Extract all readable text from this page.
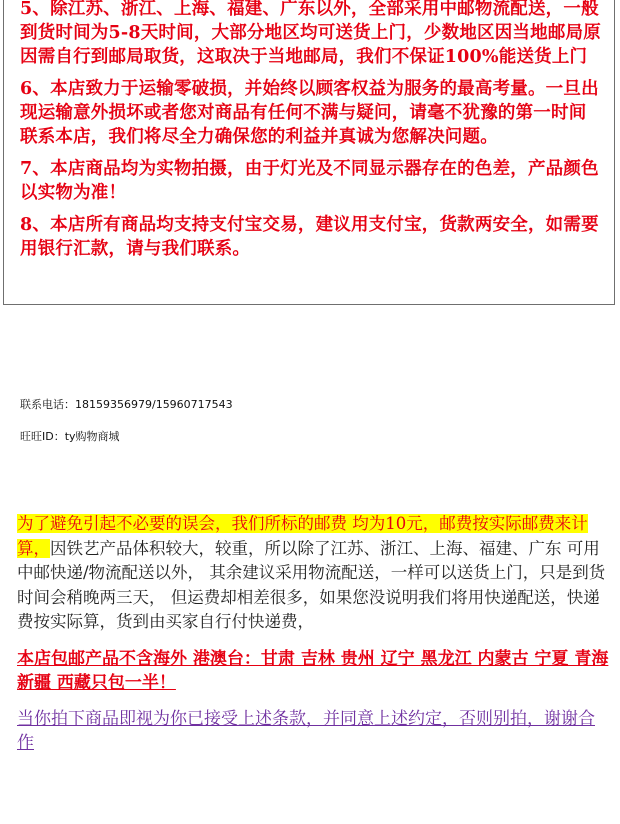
5、除江苏、浙江、上海、福建、广东以外，全部采用中邮物流配送，一般到货时间为5-8天时间，大部分地区均可送货上门，少数地区因当地邮局原因需自行到邮局取货，这取决于当地邮局，我们不保证100%能送货上门

6、本店致力于运输零破损，并始终以顾客权益为服务的最高考量。一旦出现运输意外损坏或者您对商品有任何不满与疑问，请毫不犹豫的第一时间联系本店，我们将尽全力确保您的利益并真诚为您解决问题。

7、本店商品均为实物拍摄，由于灯光及不同显示器存在的色差，产品颜色以实物为准！

8、本店所有商品均支持支付宝交易，建议用支付宝，货款两安全，如需要用银行汇款，请与我们联系。

联系电话：18159356979/15960717543
旺旺ID：ty购物商城
为了避免引起不必要的误会，我们所标的邮费 均为10元，邮费按实际邮费来计算，因铁艺产品体积较大，较重，所以除了江苏、浙江、上海、福建、广东 可用中邮快递/物流配送以外， 其余建议采用物流配送，一样可以送货上门，只是到货时间会稍晚两三天， 但运费却相差很多，如果您没说明我们将用快递配送，快递费按实际算，货到由买家自行付快递费，
本店包邮产品不含海外 港澳台：甘肃 吉林 贵州 辽宁 黑龙江 内蒙古 宁夏 青海 新疆 西藏只包一半！
当你拍下商品即视为你已接受上述条款，并同意上述约定，否则别拍，谢谢合作
